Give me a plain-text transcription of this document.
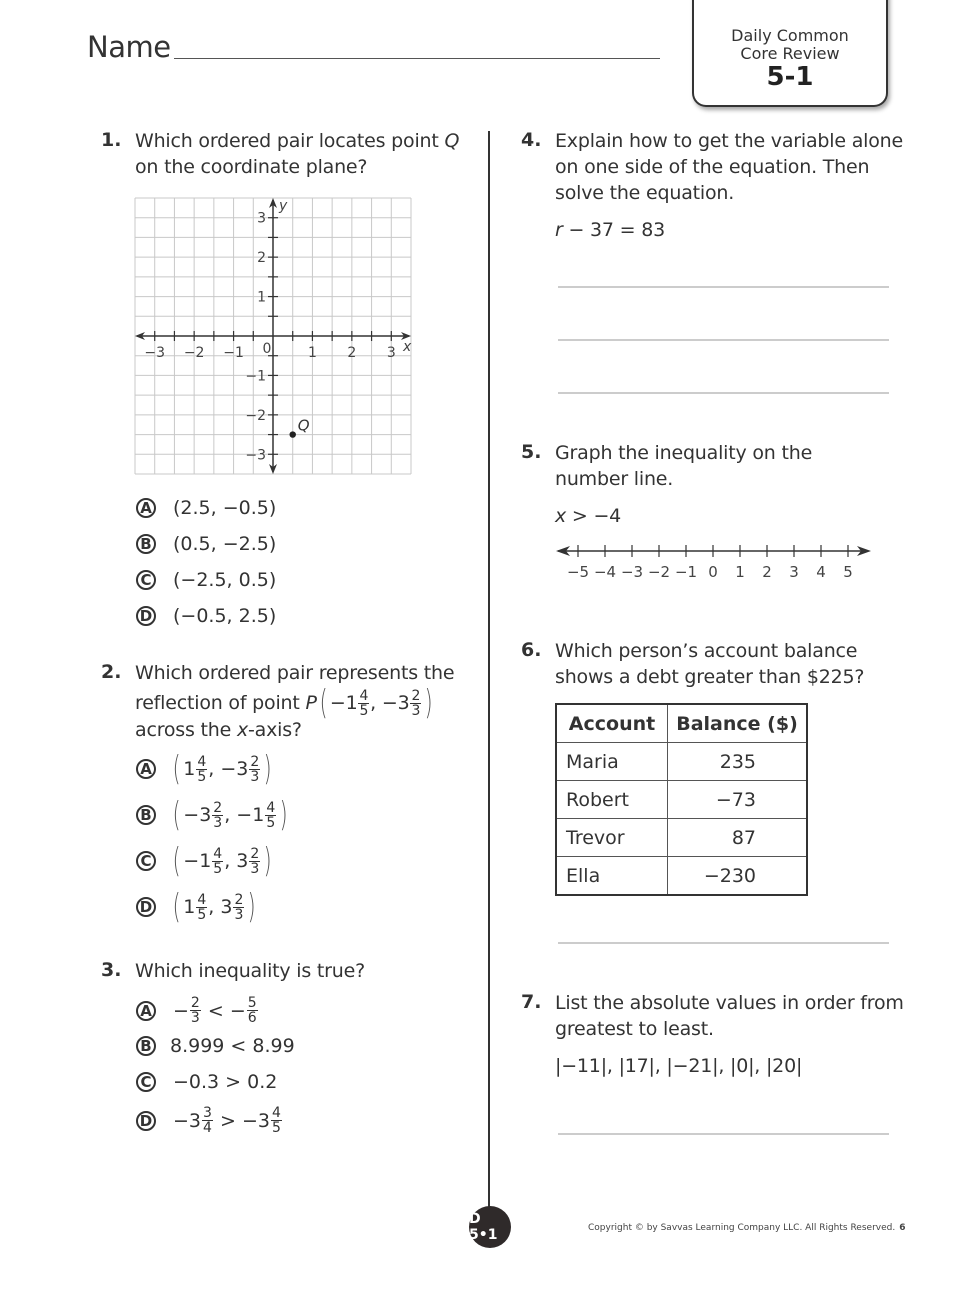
Name	Daily Common
Core Review
5-1
1. Which ordered pair locates point Q
on the coordinate plane?
−3 −2 −1 0	1 2 3
3
2
1
−1
−2
−3
x
y
Q
A (2.5, −0.5)
B (0.5, −2.5)
C (−2.5, 0.5)
D (−0.5, 2.5)
2. Which ordered pair represents the
reflection of point
P ( − $1 \frac{4}{5}$ , − $3 \frac{2}{3}$ )
across the x-axis?
A ( $1 \frac{4}{5}$ , − $3 \frac{2}{3}$ )
B ( − $3 \frac{2}{3}$ , − $1 \frac{4}{5}$ )
C ( − $1 \frac{4}{5}$ , $3 \frac{2}{3}$ )
D ( $1 \frac{4}{5}$ , $3 \frac{2}{3}$ )
3. Which inequality is true?
$A - \frac{2}{3}$
<
− $\frac{5}{6}$
B 8.999 < 8.99
C −0.3 > 0.2
$D -3 \frac{3}{4}$
>
$-3 \frac{4}{5}$
4. Explain how to get the variable alone
on one side of the equation. Then
solve the equation.
r − 37 = 83
5. Graph the inequality on the
number line.
x > −4
−5 −4 −3 −2 −1 0 1 2 3 4 5
6. Which person’s account balance
shows a debt greater than $225?
Account	Balance ($)
Maria	235
Robert	−73
Trevor	87
Ella	−230
7. List the absolute values in order from
greatest to least.
|−11|, |17|, |−21|, |0|, |20|
D 5•1	Copyright © by Savvas Learning Company LLC. All Rights Reserved. 6
